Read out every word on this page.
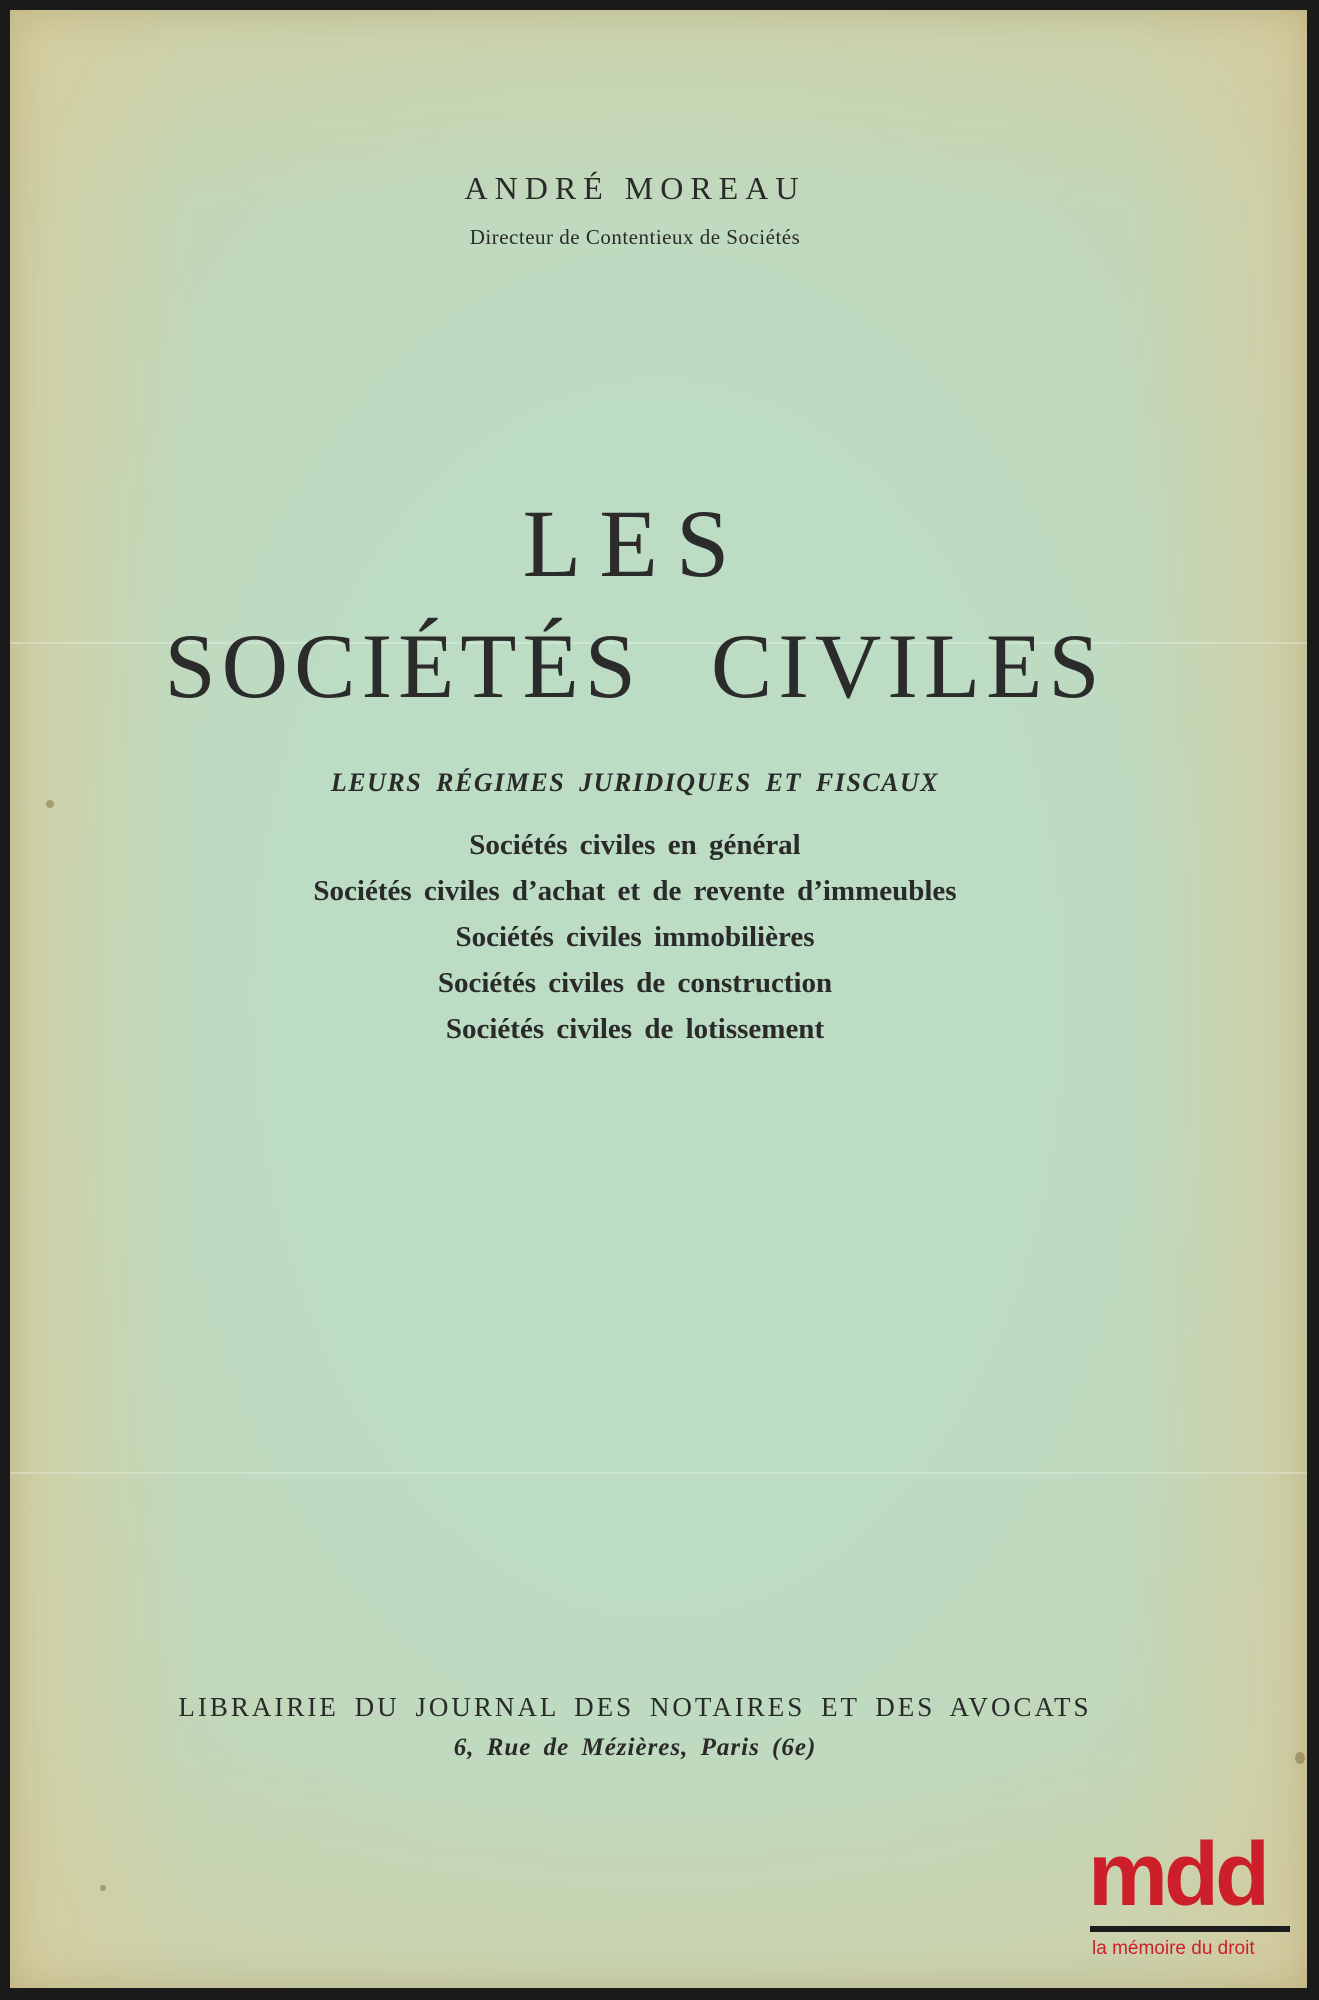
ANDRÉ MOREAU
Directeur de Contentieux de Sociétés
LES
SOCIÉTÉS CIVILES
LEURS RÉGIMES JURIDIQUES ET FISCAUX
Sociétés civiles en général
Sociétés civiles d’achat et de revente d’immeubles
Sociétés civiles immobilières
Sociétés civiles de construction
Sociétés civiles de lotissement
LIBRAIRIE DU JOURNAL DES NOTAIRES ET DES AVOCATS
6, Rue de Mézières, Paris (6e)
mdd
la mémoire du droit
